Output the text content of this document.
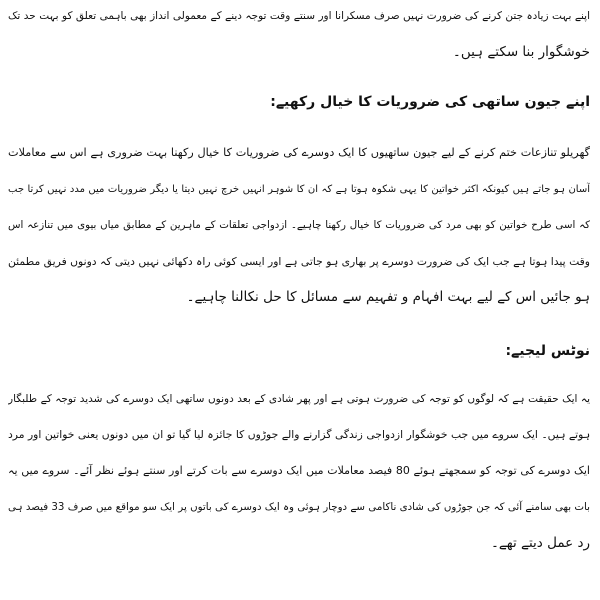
اپنے بہت زیادہ جتن کرنے کی ضرورت نہیں صرف مسکرانا اور سنتے وقت توجہ دینے کے معمولی انداز بھی باہمی تعلق کو بہت حد تک
خوشگوار بنا سکتے ہیں۔
اپنے جیون ساتھی کی ضروریات کا خیال رکھیے:
گھریلو تنازعات ختم کرنے کے لیے جیون ساتھیوں کا ایک دوسرے کی ضروریات کا خیال رکھنا بہت ضروری ہے اس سے معاملات
آسان ہو جاتے ہیں کیونکہ اکثر خواتین کا یہی شکوہ ہوتا ہے کہ ان کا شوہر انہیں خرچ نہیں دیتا یا دیگر ضروریات میں مدد نہیں کرتا جب
کہ اسی طرح خواتین کو بھی مرد کی ضروریات کا خیال رکھنا چاہیے۔ ازدواجی تعلقات کے ماہرین کے مطابق میاں بیوی میں تنازعہ اس
وقت پیدا ہوتا ہے جب ایک کی ضرورت دوسرے پر بھاری ہو جاتی ہے اور ایسی کوئی راہ دکھائی نہیں دیتی کہ دونوں فریق مطمئن
ہو جائیں اس کے لیے بہت افہام و تفہیم سے مسائل کا حل نکالنا چاہیے۔
نوٹس لیجیے:
یہ ایک حقیقت ہے کہ لوگوں کو توجہ کی ضرورت ہوتی ہے اور پھر شادی کے بعد دونوں ساتھی ایک دوسرے کی شدید توجہ کے طلبگار
ہوتے ہیں۔ ایک سروے میں جب خوشگوار ازدواجی زندگی گزارنے والے جوڑوں کا جائزہ لیا گیا تو ان میں دونوں یعنی خواتین اور مرد
ایک دوسرے کی توجہ کو سمجھتے ہوئے 80 فیصد معاملات میں ایک دوسرے سے بات کرتے اور سنتے ہوئے نظر آئے۔ سروے میں یہ
بات بھی سامنے آئی کہ جن جوڑوں کی شادی ناکامی سے دوچار ہوئی وہ ایک دوسرے کی باتوں پر ایک سو مواقع میں صرف 33 فیصد ہی
رد عمل دیتے تھے۔
